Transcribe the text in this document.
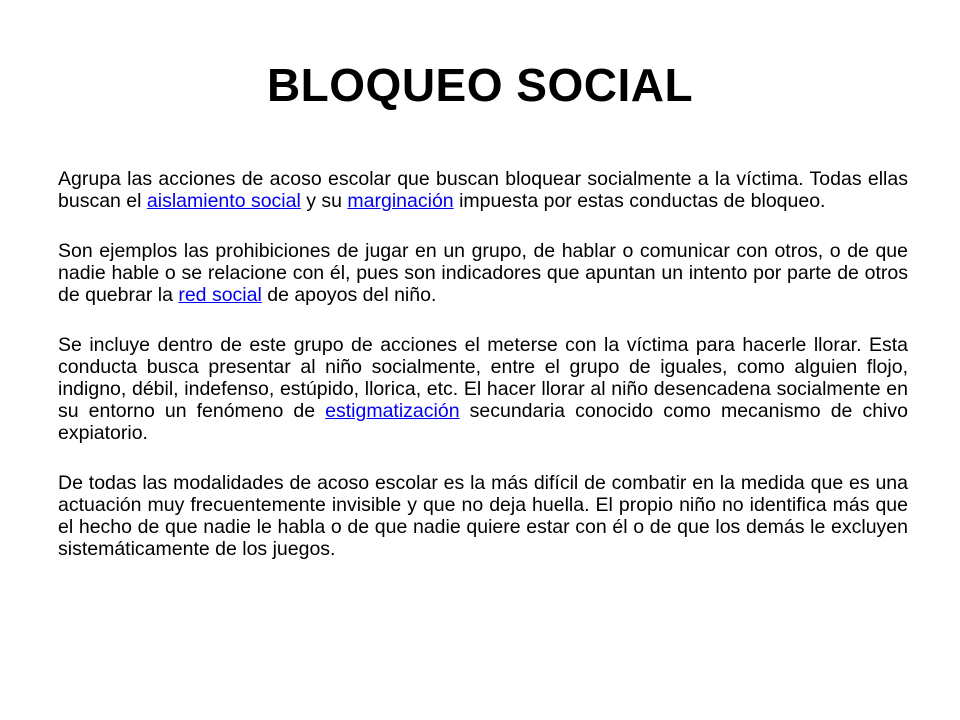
BLOQUEO SOCIAL

Agrupa las acciones de acoso escolar que buscan bloquear socialmente a la víctima. Todas ellas buscan el aislamiento social y su marginación impuesta por estas conductas de bloqueo.

Son ejemplos las prohibiciones de jugar en un grupo, de hablar o comunicar con otros, o de que nadie hable o se relacione con él, pues son indicadores que apuntan un intento por parte de otros de quebrar la red social de apoyos del niño.

Se incluye dentro de este grupo de acciones el meterse con la víctima para hacerle llorar. Esta conducta busca presentar al niño socialmente, entre el grupo de iguales, como alguien flojo, indigno, débil, indefenso, estúpido, llorica, etc. El hacer llorar al niño desencadena socialmente en su entorno un fenómeno de estigmatización secundaria conocido como mecanismo de chivo expiatorio.

De todas las modalidades de acoso escolar es la más difícil de combatir en la medida que es una actuación muy frecuentemente invisible y que no deja huella. El propio niño no identifica más que el hecho de que nadie le habla o de que nadie quiere estar con él o de que los demás le excluyen sistemáticamente de los juegos.
